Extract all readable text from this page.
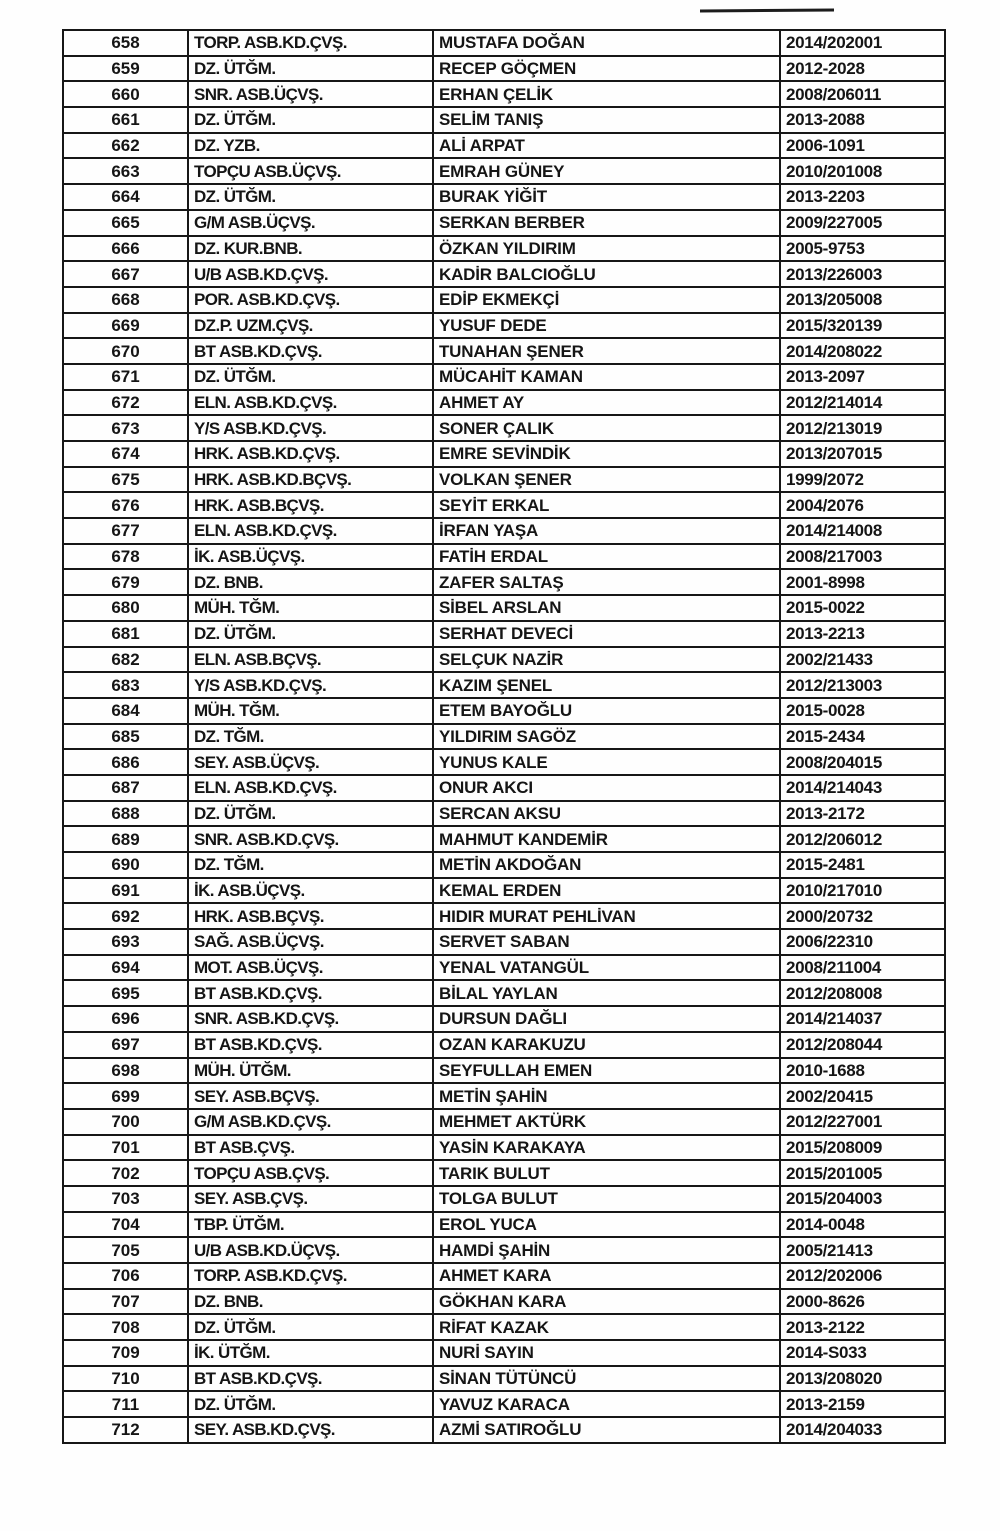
658	TORP. ASB.KD.ÇVŞ.	MUSTAFA DOĞAN	2014/202001
659	DZ. ÜTĞM.	RECEP GÖÇMEN	2012-2028
660	SNR. ASB.ÜÇVŞ.	ERHAN ÇELİK	2008/206011
661	DZ. ÜTĞM.	SELİM TANIŞ	2013-2088
662	DZ. YZB.	ALİ ARPAT	2006-1091
663	TOPÇU ASB.ÜÇVŞ.	EMRAH GÜNEY	2010/201008
664	DZ. ÜTĞM.	BURAK YİĞİT	2013-2203
665	G/M ASB.ÜÇVŞ.	SERKAN BERBER	2009/227005
666	DZ. KUR.BNB.	ÖZKAN YILDIRIM	2005-9753
667	U/B ASB.KD.ÇVŞ.	KADİR BALCIOĞLU	2013/226003
668	POR. ASB.KD.ÇVŞ.	EDİP EKMEKÇİ	2013/205008
669	DZ.P. UZM.ÇVŞ.	YUSUF DEDE	2015/320139
670	BT ASB.KD.ÇVŞ.	TUNAHAN ŞENER	2014/208022
671	DZ. ÜTĞM.	MÜCAHİT KAMAN	2013-2097
672	ELN. ASB.KD.ÇVŞ.	AHMET AY	2012/214014
673	Y/S ASB.KD.ÇVŞ.	SONER ÇALIK	2012/213019
674	HRK. ASB.KD.ÇVŞ.	EMRE SEVİNDİK	2013/207015
675	HRK. ASB.KD.BÇVŞ.	VOLKAN ŞENER	1999/2072
676	HRK. ASB.BÇVŞ.	SEYİT ERKAL	2004/2076
677	ELN. ASB.KD.ÇVŞ.	İRFAN YAŞA	2014/214008
678	İK. ASB.ÜÇVŞ.	FATİH ERDAL	2008/217003
679	DZ. BNB.	ZAFER SALTAŞ	2001-8998
680	MÜH. TĞM.	SİBEL ARSLAN	2015-0022
681	DZ. ÜTĞM.	SERHAT DEVECİ	2013-2213
682	ELN. ASB.BÇVŞ.	SELÇUK NAZİR	2002/21433
683	Y/S ASB.KD.ÇVŞ.	KAZIM ŞENEL	2012/213003
684	MÜH. TĞM.	ETEM BAYOĞLU	2015-0028
685	DZ. TĞM.	YILDIRIM SAGÖZ	2015-2434
686	SEY. ASB.ÜÇVŞ.	YUNUS KALE	2008/204015
687	ELN. ASB.KD.ÇVŞ.	ONUR AKCI	2014/214043
688	DZ. ÜTĞM.	SERCAN AKSU	2013-2172
689	SNR. ASB.KD.ÇVŞ.	MAHMUT KANDEMİR	2012/206012
690	DZ. TĞM.	METİN AKDOĞAN	2015-2481
691	İK. ASB.ÜÇVŞ.	KEMAL ERDEN	2010/217010
692	HRK. ASB.BÇVŞ.	HIDIR MURAT PEHLİVAN	2000/20732
693	SAĞ. ASB.ÜÇVŞ.	SERVET SABAN	2006/22310
694	MOT. ASB.ÜÇVŞ.	YENAL VATANGÜL	2008/211004
695	BT ASB.KD.ÇVŞ.	BİLAL YAYLAN	2012/208008
696	SNR. ASB.KD.ÇVŞ.	DURSUN DAĞLI	2014/214037
697	BT ASB.KD.ÇVŞ.	OZAN KARAKUZU	2012/208044
698	MÜH. ÜTĞM.	SEYFULLAH EMEN	2010-1688
699	SEY. ASB.BÇVŞ.	METİN ŞAHİN	2002/20415
700	G/M ASB.KD.ÇVŞ.	MEHMET AKTÜRK	2012/227001
701	BT ASB.ÇVŞ.	YASİN KARAKAYA	2015/208009
702	TOPÇU ASB.ÇVŞ.	TARIK BULUT	2015/201005
703	SEY. ASB.ÇVŞ.	TOLGA BULUT	2015/204003
704	TBP. ÜTĞM.	EROL YUCA	2014-0048
705	U/B ASB.KD.ÜÇVŞ.	HAMDİ ŞAHİN	2005/21413
706	TORP. ASB.KD.ÇVŞ.	AHMET KARA	2012/202006
707	DZ. BNB.	GÖKHAN KARA	2000-8626
708	DZ. ÜTĞM.	RİFAT KAZAK	2013-2122
709	İK. ÜTĞM.	NURİ SAYIN	2014-S033
710	BT ASB.KD.ÇVŞ.	SİNAN TÜTÜNCÜ	2013/208020
711	DZ. ÜTĞM.	YAVUZ KARACA	2013-2159
712	SEY. ASB.KD.ÇVŞ.	AZMİ SATIROĞLU	2014/204033
